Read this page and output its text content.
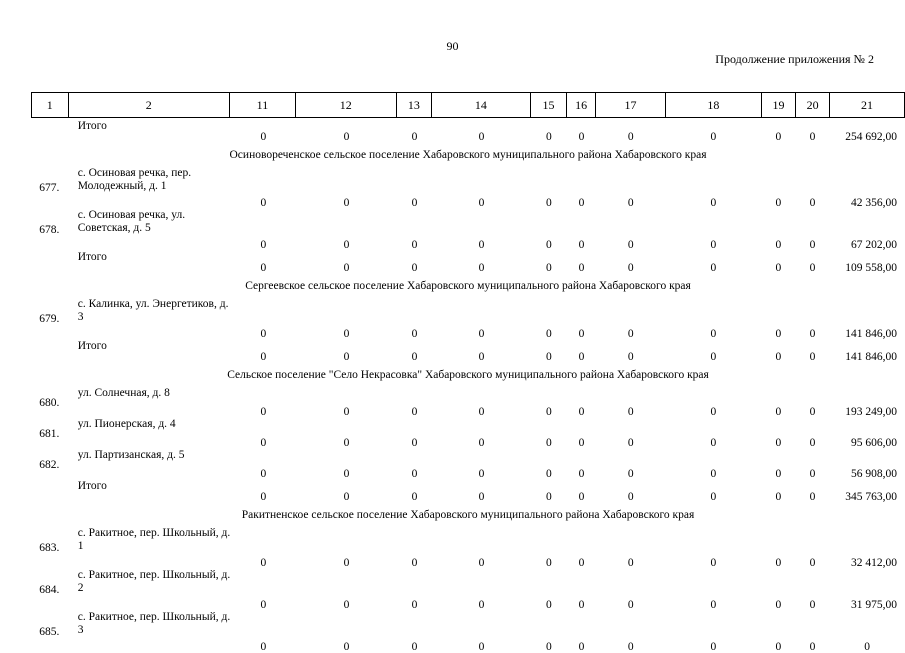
90
Продолжение приложения № 2
1	2	11	12	13	14	15	16	17	18	19	20	21
	Итого	0	0	0	0	0	0	0	0	0	0	254 692,00
Осиновореченское сельское поселение Хабаровского муниципального района Хабаровского края												
677.	с. Осиновая речка, пер. Молодежный, д. 1	0	0	0	0	0	0	0	0	0	0	42 356,00
678.	с. Осиновая речка, ул. Советская, д. 5	0	0	0	0	0	0	0	0	0	0	67 202,00
	Итого	0	0	0	0	0	0	0	0	0	0	109 558,00
Сергеевское сельское поселение Хабаровского муниципального района Хабаровского края												
679.	с. Калинка, ул. Энергетиков, д. 3	0	0	0	0	0	0	0	0	0	0	141 846,00
	Итого	0	0	0	0	0	0	0	0	0	0	141 846,00
Сельское поселение "Село Некрасовка" Хабаровского муниципального района Хабаровского края												
680.	ул. Солнечная, д. 8	0	0	0	0	0	0	0	0	0	0	193 249,00
681.	ул. Пионерская, д. 4	0	0	0	0	0	0	0	0	0	0	95 606,00
682.	ул. Партизанская, д. 5	0	0	0	0	0	0	0	0	0	0	56 908,00
	Итого	0	0	0	0	0	0	0	0	0	0	345 763,00
Ракитненское сельское поселение Хабаровского муниципального района Хабаровского края												
683.	с. Ракитное, пер. Школьный, д. 1	0	0	0	0	0	0	0	0	0	0	32 412,00
684.	с. Ракитное, пер. Школьный, д. 2	0	0	0	0	0	0	0	0	0	0	31 975,00
685.	с. Ракитное, пер. Школьный, д. 3	0	0	0	0	0	0	0	0	0	0	0
